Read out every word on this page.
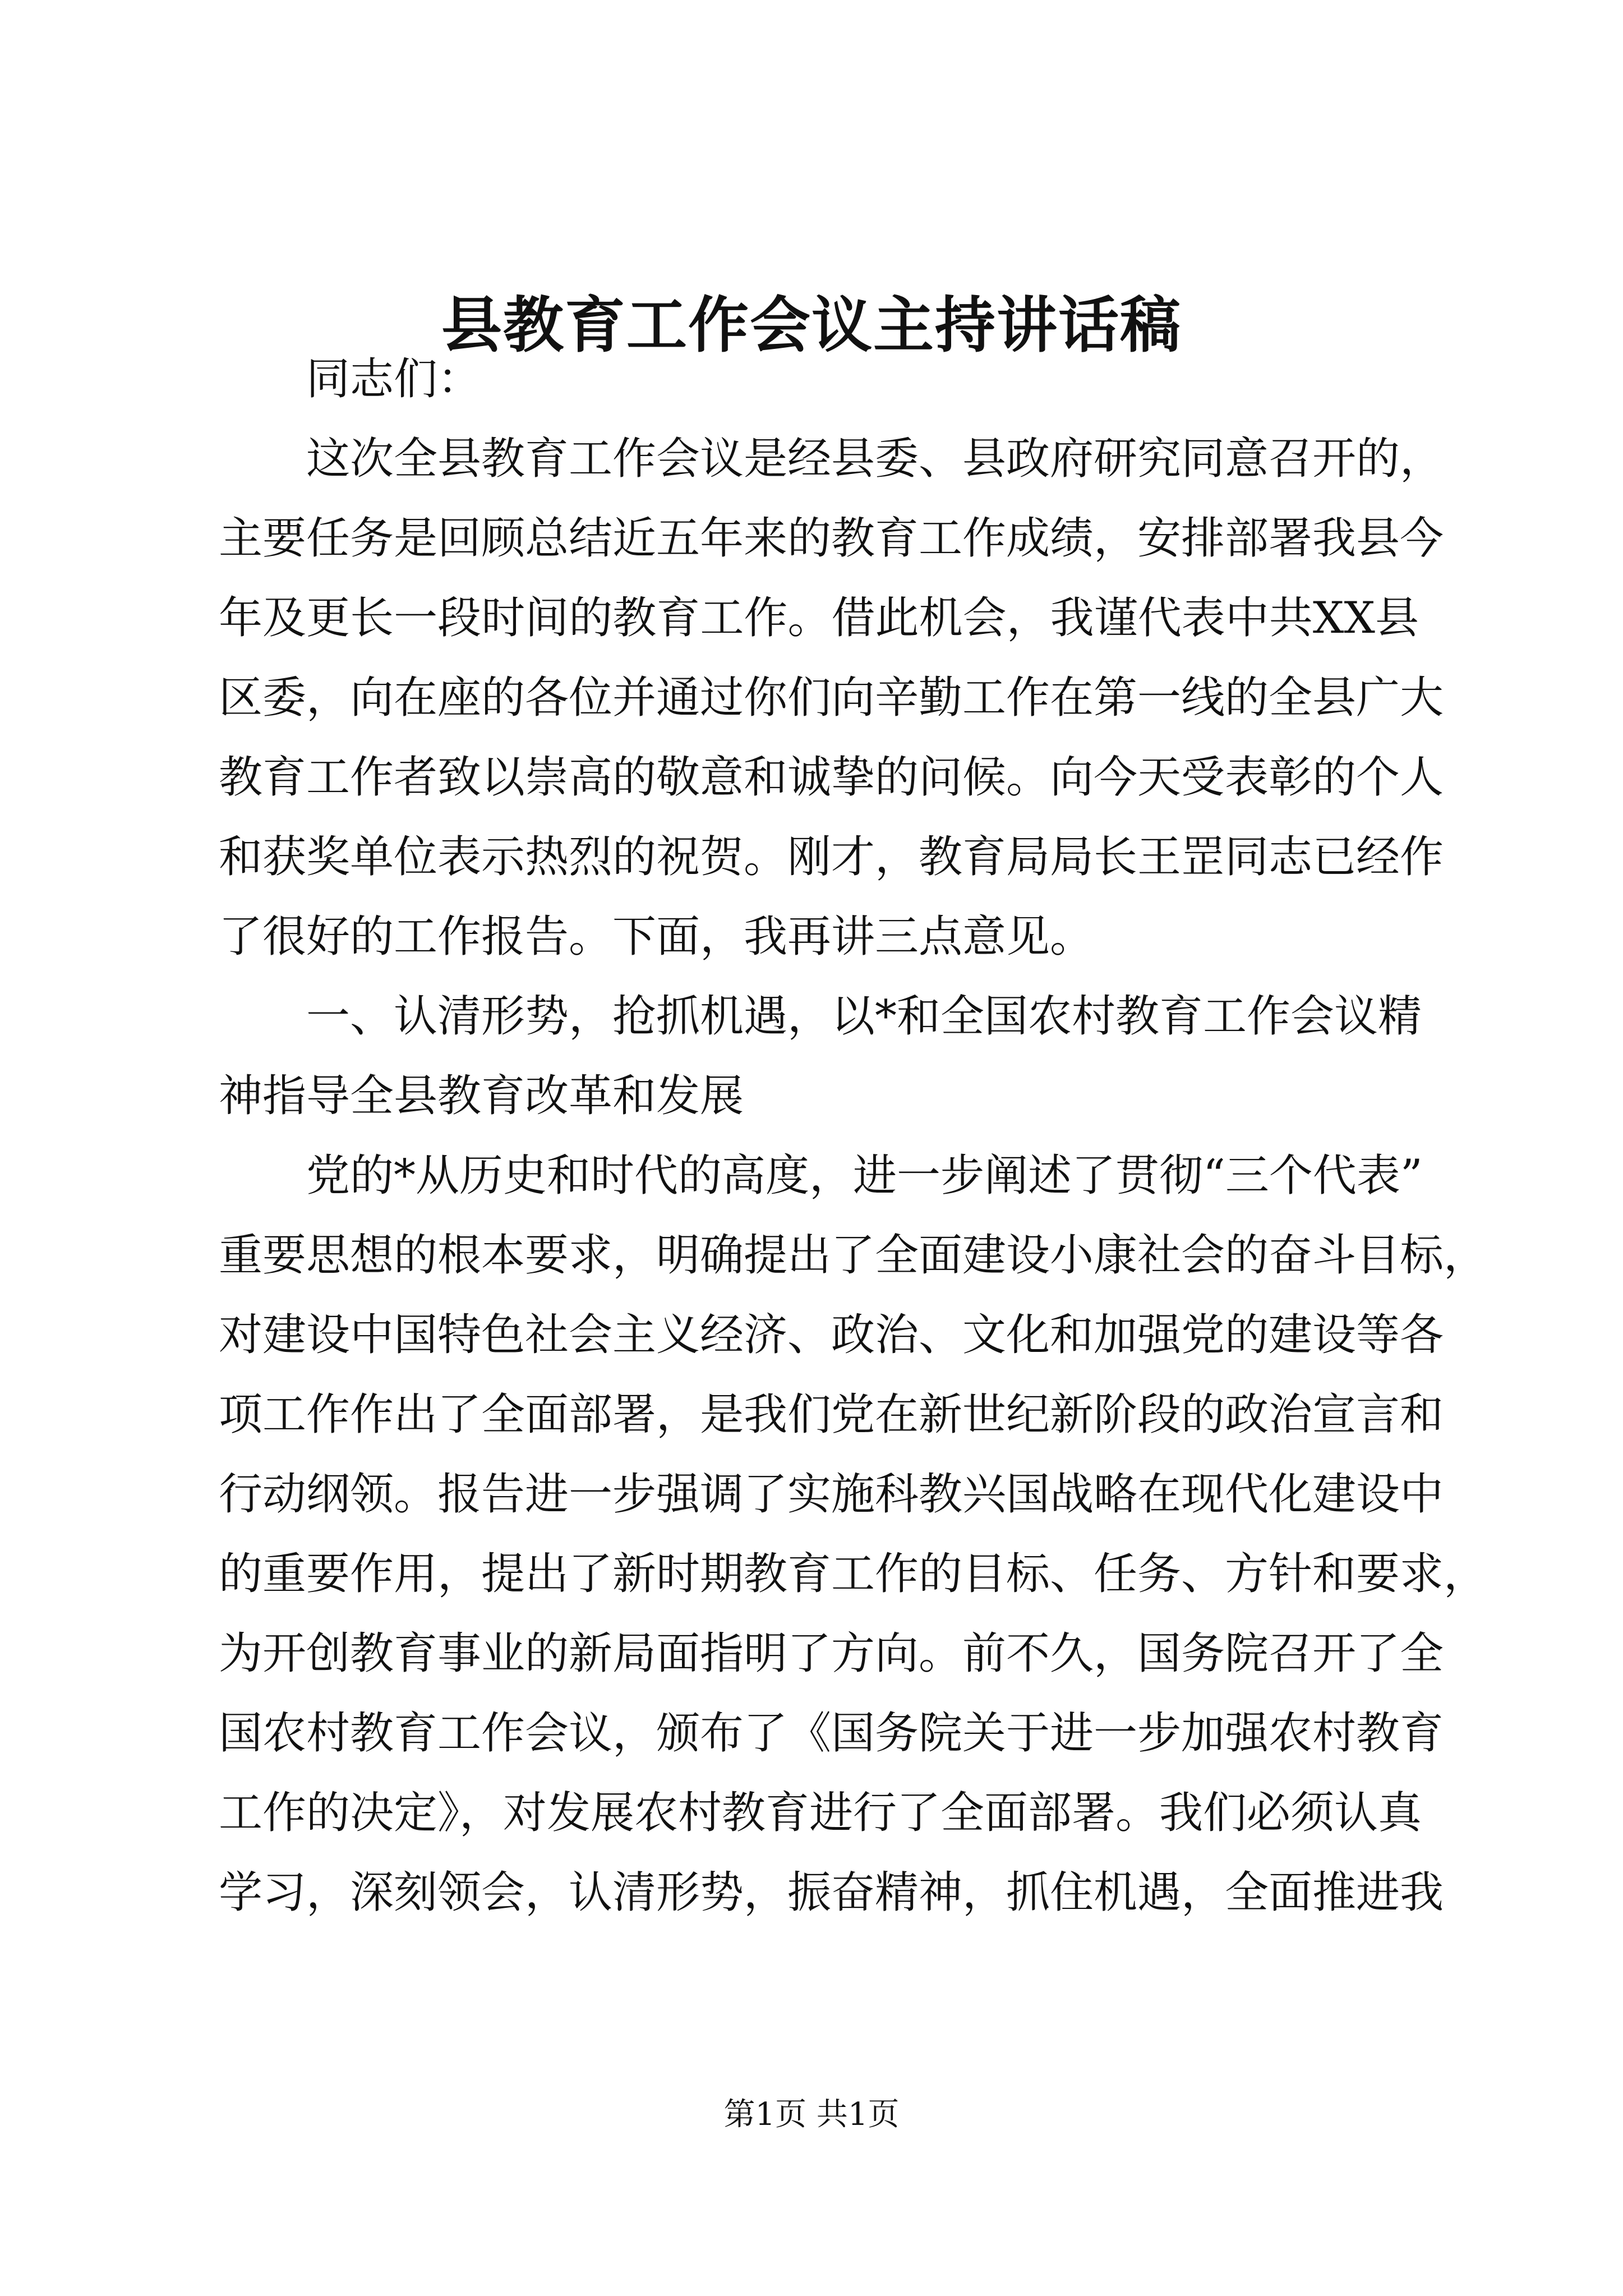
县教育工作会议主持讲话稿
同志们：
这次全县教育工作会议是经县委、县政府研究同意召开的，
主要任务是回顾总结近五年来的教育工作成绩，安排部署我县今
年及更长一段时间的教育工作。借此机会，我谨代表中共XX县
区委，向在座的各位并通过你们向辛勤工作在第一线的全县广大
教育工作者致以崇高的敬意和诚挚的问候。向今天受表彰的个人
和获奖单位表示热烈的祝贺。刚才，教育局局长王罡同志已经作
了很好的工作报告。下面，我再讲三点意见。
一、认清形势，抢抓机遇，以*和全国农村教育工作会议精
神指导全县教育改革和发展
党的*从历史和时代的高度，进一步阐述了贯彻“三个代表”
重要思想的根本要求，明确提出了全面建设小康社会的奋斗目标，
对建设中国特色社会主义经济、政治、文化和加强党的建设等各
项工作作出了全面部署，是我们党在新世纪新阶段的政治宣言和
行动纲领。报告进一步强调了实施科教兴国战略在现代化建设中
的重要作用，提出了新时期教育工作的目标、任务、方针和要求，
为开创教育事业的新局面指明了方向。前不久，国务院召开了全
国农村教育工作会议，颁布了《国务院关于进一步加强农村教育
工作的决定》，对发展农村教育进行了全面部署。我们必须认真
学习，深刻领会，认清形势，振奋精神，抓住机遇，全面推进我
第1页 共1页
